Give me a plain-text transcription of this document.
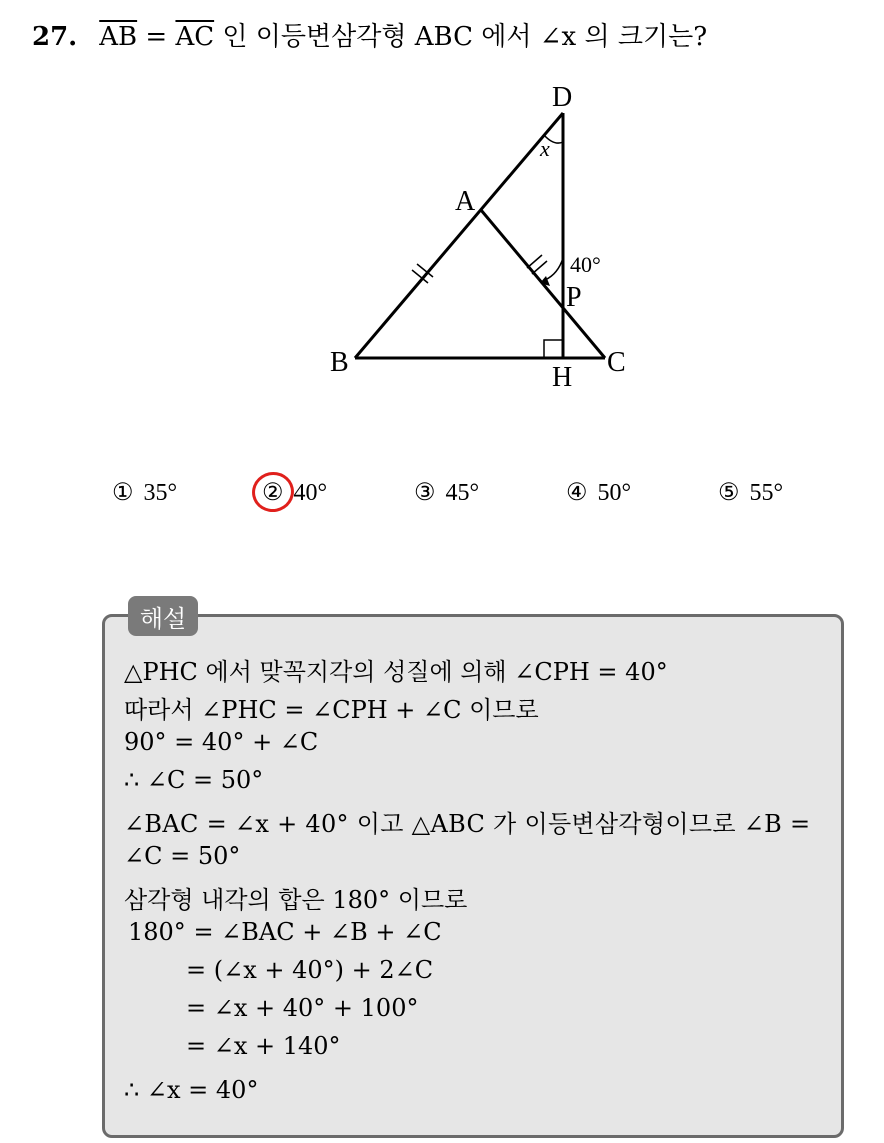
27. $\overline{AB} = \overline{AC}$ 인 이등변삼각형 ABC 에서 ∠x 의 크기는?
D
A
B	C
P
H
x
40°
① 35°	② 40°	③ 45°	④ 50°	⑤ 55°
해설
△PHC 에서 맞꼭지각의 성질에 의해 ∠CPH = 40°
따라서 ∠PHC = ∠CPH + ∠C 이므로
90° = 40° + ∠C
∴ ∠C = 50°
∠BAC = ∠x + 40° 이고 △ABC 가 이등변삼각형이므로 ∠B =
∠C = 50°
삼각형 내각의 합은 180° 이므로
180° = ∠BAC + ∠B + ∠C
= (∠x + 40°) + 2∠C
= ∠x + 40° + 100°
= ∠x + 140°
∴ ∠x = 40°
